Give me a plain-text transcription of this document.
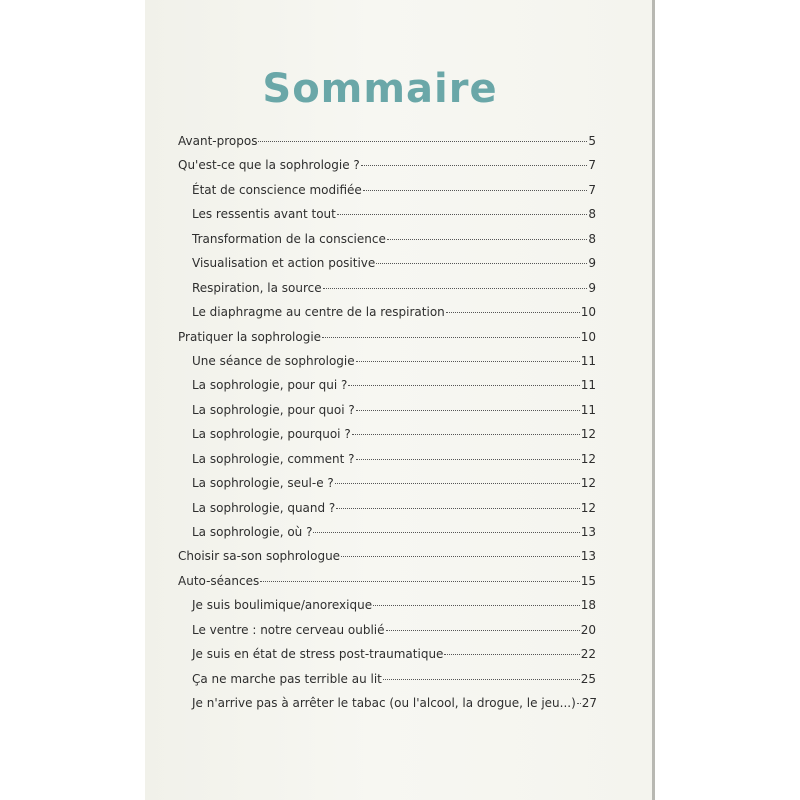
Sommaire
Avant-propos	5
Qu'est-ce que la sophrologie ?	7
État de conscience modifiée	7
Les ressentis avant tout	8
Transformation de la conscience	8
Visualisation et action positive	9
Respiration, la source	9
Le diaphragme au centre de la respiration	10
Pratiquer la sophrologie	10
Une séance de sophrologie	11
La sophrologie, pour qui ?	11
La sophrologie, pour quoi ?	11
La sophrologie, pourquoi ?	12
La sophrologie, comment ?	12
La sophrologie, seul-e ?	12
La sophrologie, quand ?	12
La sophrologie, où ?	13
Choisir sa-son sophrologue	13
Auto-séances	15
Je suis boulimique/anorexique	18
Le ventre : notre cerveau oublié	20
Je suis en état de stress post-traumatique	22
Ça ne marche pas terrible au lit	25
Je n'arrive pas à arrêter le tabac (ou l'alcool, la drogue, le jeu...) 27
